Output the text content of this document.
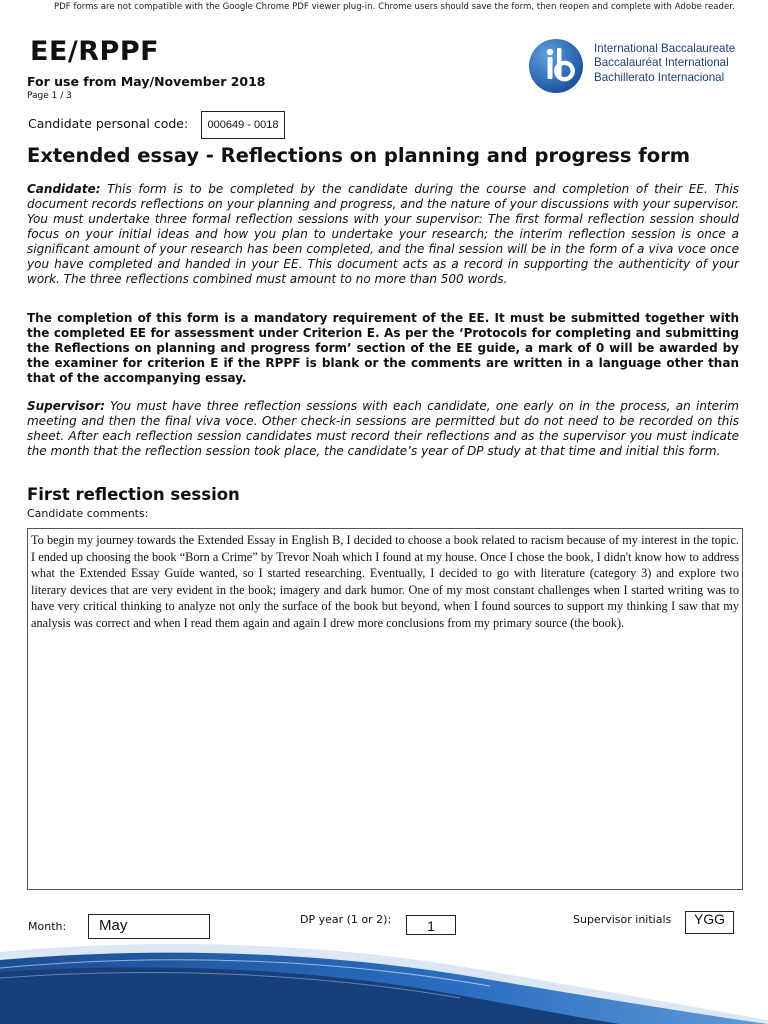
PDF forms are not compatible with the Google Chrome PDF viewer plug-in. Chrome users should save the form, then reopen and complete with Adobe reader.
EE/RPPF
For use from May/November 2018
Page 1 / 3
International Baccalaureate
Baccalauréat International
Bachillerato Internacional
Candidate personal code:	000649 - 0018
Extended essay - Reflections on planning and progress form
Candidate: This form is to be completed by the candidate during the course and completion of their EE. This document records reflections on your planning and progress, and the nature of your discussions with your supervisor. You must undertake three formal reflection sessions with your supervisor: The first formal reflection session should focus on your initial ideas and how you plan to undertake your research; the interim reflection session is once a significant amount of your research has been completed, and the final session will be in the form of a viva voce once you have completed and handed in your EE. This document acts as a record in supporting the authenticity of your work. The three reflections combined must amount to no more than 500 words.
The completion of this form is a mandatory requirement of the EE. It must be submitted together with the completed EE for assessment under Criterion E. As per the ‘Protocols for completing and submitting the Reflections on planning and progress form’ section of the EE guide, a mark of 0 will be awarded by the examiner for criterion E if the RPPF is blank or the comments are written in a language other than that of the accompanying essay.
Supervisor: You must have three reflection sessions with each candidate, one early on in the process, an interim meeting and then the final viva voce. Other check-in sessions are permitted but do not need to be recorded on this sheet. After each reflection session candidates must record their reflections and as the supervisor you must indicate the month that the reflection session took place, the candidate’s year of DP study at that time and initial this form.
First reflection session
Candidate comments:
To begin my journey towards the Extended Essay in English B, I decided to choose a book related to racism because of my interest in the topic. I ended up choosing the book “Born a Crime” by Trevor Noah which I found at my house. Once I chose the book, I didn't know how to address what the Extended Essay Guide wanted, so I started researching. Eventually, I decided to go with literature (category 3) and explore two literary devices that are very evident in the book; imagery and dark humor. One of my most constant challenges when I started writing was to have very critical thinking to analyze not only the surface of the book but beyond, when I found sources to support my thinking I saw that my analysis was correct and when I read them again and again I drew more conclusions from my primary source (the book).
Month:	May	DP year (1 or 2):	1	Supervisor initials	YGG
